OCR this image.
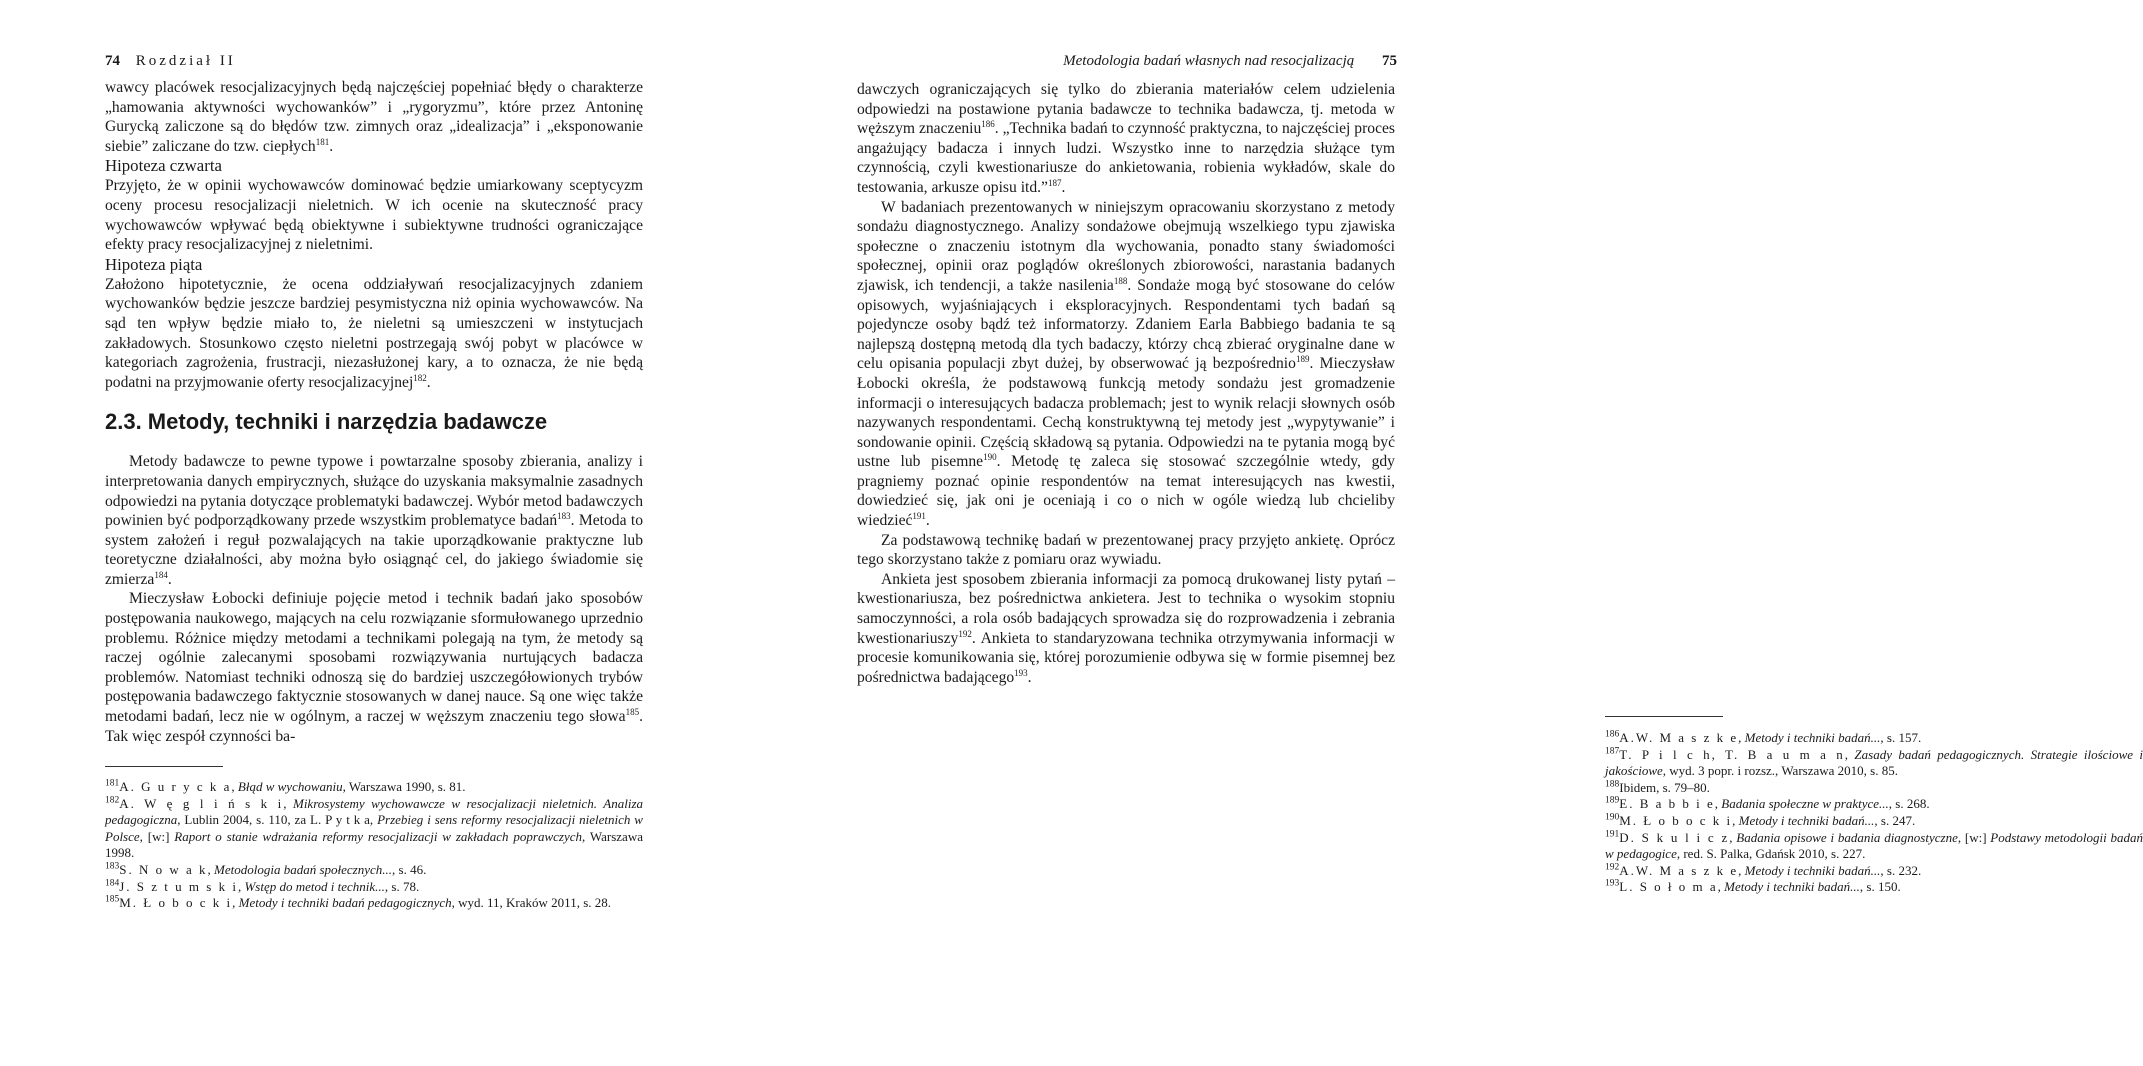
74 Rozdział II

wawcy placówek resocjalizacyjnych będą najczęściej popełniać błędy o charakterze „hamowania aktywności wychowanków” i „rygoryzmu”, które przez Antoninę Gurycką zaliczone są do błędów tzw. zimnych oraz „idealizacja” i „eksponowanie siebie” zaliczane do tzw. ciepłych$^{181}$.

Hipoteza czwarta

Przyjęto, że w opinii wychowawców dominować będzie umiarkowany sceptycyzm oceny procesu resocjalizacji nieletnich. W ich ocenie na skuteczność pracy wychowawców wpływać będą obiektywne i subiektywne trudności ograniczające efekty pracy resocjalizacyjnej z nieletnimi.

Hipoteza piąta

Założono hipotetycznie, że ocena oddziaływań resocjalizacyjnych zdaniem wychowanków będzie jeszcze bardziej pesymistyczna niż opinia wychowawców. Na sąd ten wpływ będzie miało to, że nieletni są umieszczeni w instytucjach zakładowych. Stosunkowo często nieletni postrzegają swój pobyt w placówce w kategoriach zagrożenia, frustracji, niezasłużonej kary, a to oznacza, że nie będą podatni na przyjmowanie oferty resocjalizacyjnej$^{182}$.

2.3. Metody, techniki i narzędzia badawcze

Metody badawcze to pewne typowe i powtarzalne sposoby zbierania, analizy i interpretowania danych empirycznych, służące do uzyskania maksymalnie zasadnych odpowiedzi na pytania dotyczące problematyki badawczej. Wybór metod badawczych powinien być podporządkowany przede wszystkim problematyce badań$^{183}$. Metoda to system założeń i reguł pozwalających na takie uporządkowanie praktyczne lub teoretyczne działalności, aby można było osiągnąć cel, do jakiego świadomie się zmierza$^{184}$.

Mieczysław Łobocki definiuje pojęcie metod i technik badań jako sposobów postępowania naukowego, mających na celu rozwiązanie sformułowanego uprzednio problemu. Różnice między metodami a technikami polegają na tym, że metody są raczej ogólnie zalecanymi sposobami rozwiązywania nurtujących badacza problemów. Natomiast techniki odnoszą się do bardziej uszczegółowionych trybów postępowania badawczego faktycznie stosowanych w danej nauce. Są one więc także metodami badań, lecz nie w ogólnym, a raczej w węższym znaczeniu tego słowa$^{185}$. Tak więc zespół czynności ba-

$^{181}$A. G u r y c k a, Błąd w wychowaniu, Warszawa 1990, s. 81.

$^{182}$A. W ę g l i ń s k i, Mikrosystemy wychowawcze w resocjalizacji nieletnich. Analiza pedagogiczna, Lublin 2004, s. 110, za L. P y t k a, Przebieg i sens reformy resocjalizacji nieletnich w Polsce, [w:] Raport o stanie wdrażania reformy resocjalizacji w zakładach poprawczych, Warszawa 1998.

$^{183}$S. N o w a k, Metodologia badań społecznych..., s. 46.

$^{184}$J. S z t u m s k i, Wstęp do metod i technik..., s. 78.

$^{185}$M. Ł o b o c k i, Metody i techniki badań pedagogicznych, wyd. 11, Kraków 2011, s. 28.

Metodologia badań własnych nad resocjalizacją 75

dawczych ograniczających się tylko do zbierania materiałów celem udzielenia odpowiedzi na postawione pytania badawcze to technika badawcza, tj. metoda w węższym znaczeniu$^{186}$. „Technika badań to czynność praktyczna, to najczęściej proces angażujący badacza i innych ludzi. Wszystko inne to narzędzia służące tym czynnością, czyli kwestionariusze do ankietowania, robienia wykładów, skale do testowania, arkusze opisu itd.”$^{187}$.

W badaniach prezentowanych w niniejszym opracowaniu skorzystano z metody sondażu diagnostycznego. Analizy sondażowe obejmują wszelkiego typu zjawiska społeczne o znaczeniu istotnym dla wychowania, ponadto stany świadomości społecznej, opinii oraz poglądów określonych zbiorowości, narastania badanych zjawisk, ich tendencji, a także nasilenia$^{188}$. Sondaże mogą być stosowane do celów opisowych, wyjaśniających i eksploracyjnych. Respondentami tych badań są pojedyncze osoby bądź też informatorzy. Zdaniem Earla Babbiego badania te są najlepszą dostępną metodą dla tych badaczy, którzy chcą zbierać oryginalne dane w celu opisania populacji zbyt dużej, by obserwować ją bezpośrednio$^{189}$. Mieczysław Łobocki określa, że podstawową funkcją metody sondażu jest gromadzenie informacji o interesujących badacza problemach; jest to wynik relacji słownych osób nazywanych respondentami. Cechą konstruktywną tej metody jest „wypytywanie” i sondowanie opinii. Częścią składową są pytania. Odpowiedzi na te pytania mogą być ustne lub pisemne$^{190}$. Metodę tę zaleca się stosować szczególnie wtedy, gdy pragniemy poznać opinie respondentów na temat interesujących nas kwestii, dowiedzieć się, jak oni je oceniają i co o nich w ogóle wiedzą lub chcieliby wiedzieć$^{191}$.

Za podstawową technikę badań w prezentowanej pracy przyjęto ankietę. Oprócz tego skorzystano także z pomiaru oraz wywiadu.

Ankieta jest sposobem zbierania informacji za pomocą drukowanej listy pytań – kwestionariusza, bez pośrednictwa ankietera. Jest to technika o wysokim stopniu samoczynności, a rola osób badających sprowadza się do rozprowadzenia i zebrania kwestionariuszy$^{192}$. Ankieta to standaryzowana technika otrzymywania informacji w procesie komunikowania się, której porozumienie odbywa się w formie pisemnej bez pośrednictwa badającego$^{193}$.

$^{186}$A.W. M a s z k e, Metody i techniki badań..., s. 157.

$^{187}$T. P i l c h, T. B a u m a n, Zasady badań pedagogicznych. Strategie ilościowe i jakościowe, wyd. 3 popr. i rozsz., Warszawa 2010, s. 85.

$^{188}$Ibidem, s. 79–80.

$^{189}$E. B a b b i e, Badania społeczne w praktyce..., s. 268.

$^{190}$M. Ł o b o c k i, Metody i techniki badań..., s. 247.

$^{191}$D. S k u l i c z, Badania opisowe i badania diagnostyczne, [w:] Podstawy metodologii badań w pedagogice, red. S. Palka, Gdańsk 2010, s. 227.

$^{192}$A.W. M a s z k e, Metody i techniki badań..., s. 232.

$^{193}$L. S o ł o m a, Metody i techniki badań..., s. 150.
